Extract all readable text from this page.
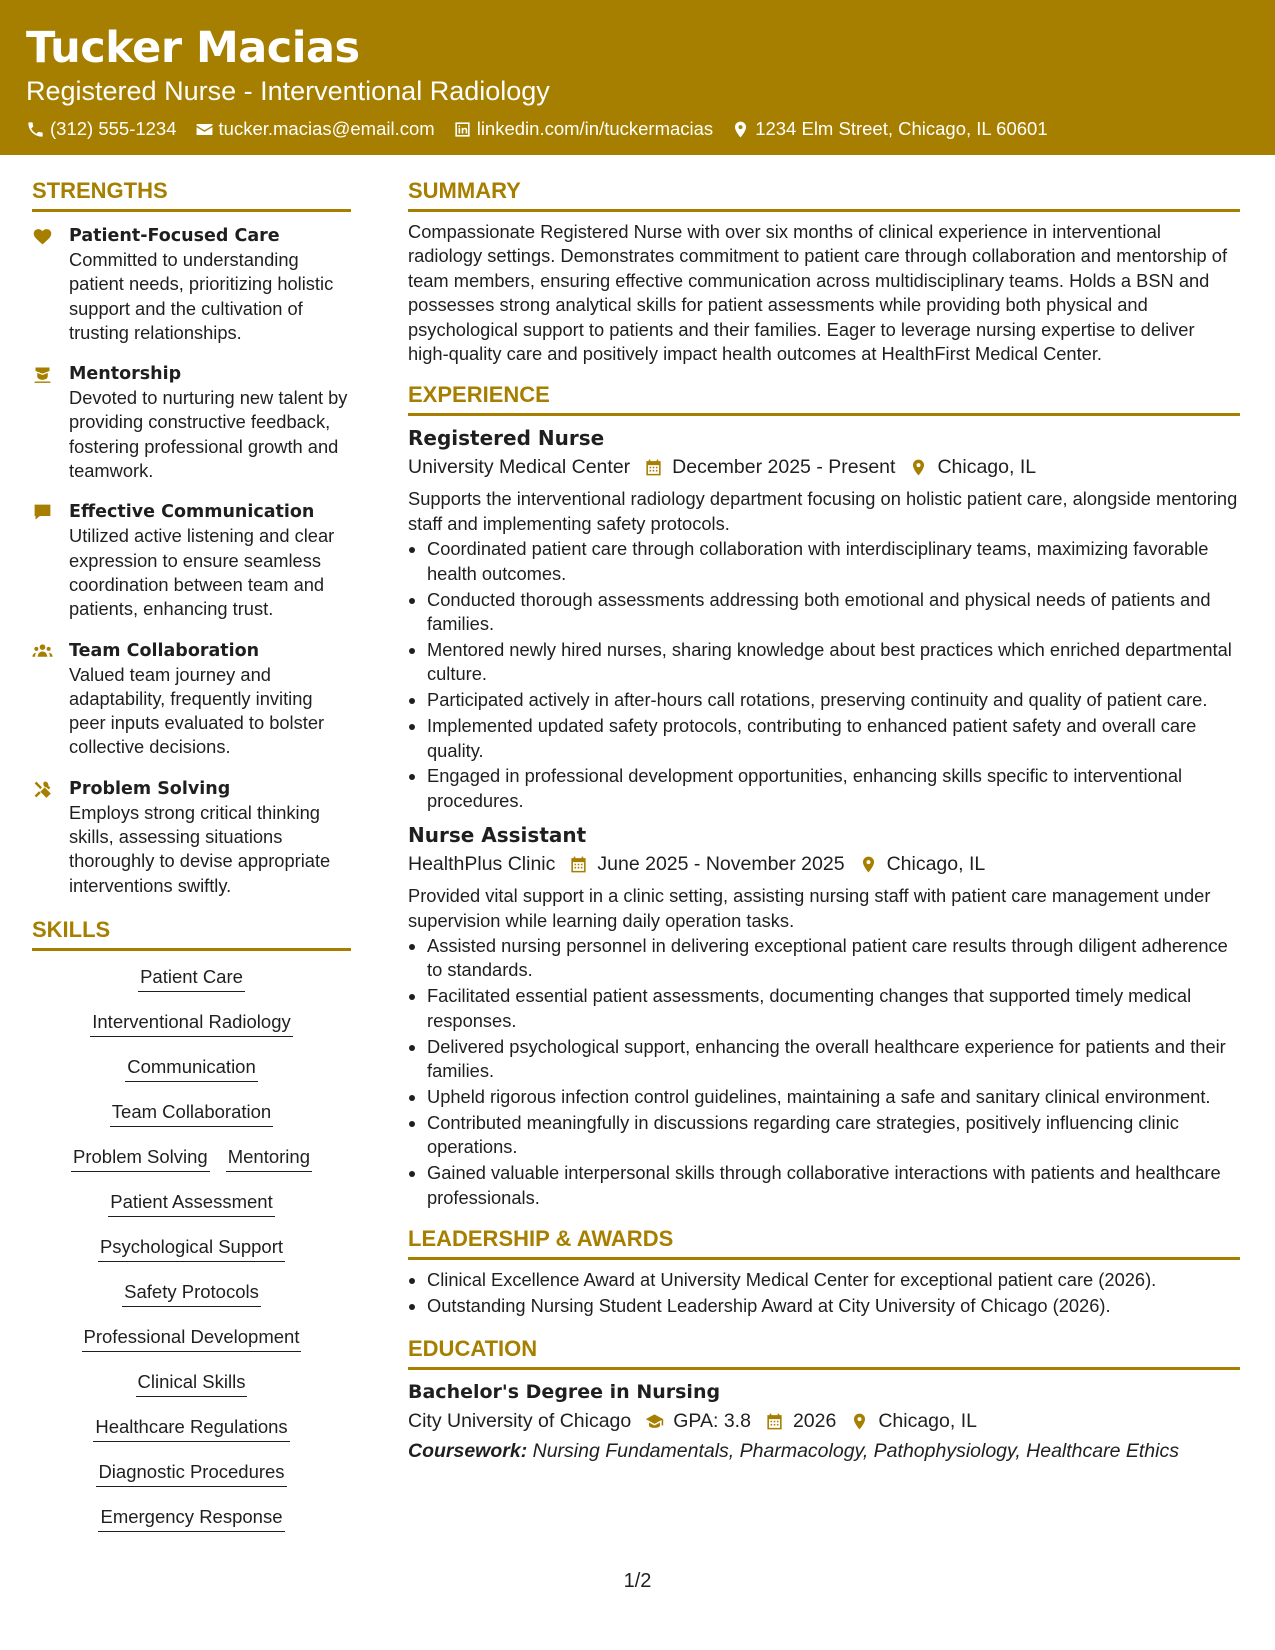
Tucker Macias
Registered Nurse - Interventional Radiology
(312) 555-1234 tucker.macias@email.com linkedin.com/in/tuckermacias 1234 Elm Street, Chicago, IL 60601
STRENGTHS
Patient-Focused Care
Committed to understanding patient needs, prioritizing holistic support and the cultivation of trusting relationships.
Mentorship
Devoted to nurturing new talent by providing constructive feedback, fostering professional growth and teamwork.
Effective Communication
Utilized active listening and clear expression to ensure seamless coordination between team and patients, enhancing trust.
Team Collaboration
Valued team journey and adaptability, frequently inviting peer inputs evaluated to bolster collective decisions.
Problem Solving
Employs strong critical thinking skills, assessing situations thoroughly to devise appropriate interventions swiftly.
SKILLS
Patient Care
Interventional Radiology
Communication
Team Collaboration
Problem Solving Mentoring
Patient Assessment
Psychological Support
Safety Protocols
Professional Development
Clinical Skills
Healthcare Regulations
Diagnostic Procedures
Emergency Response
SUMMARY
Compassionate Registered Nurse with over six months of clinical experience in interventional radiology settings. Demonstrates commitment to patient care through collaboration and mentorship of team members, ensuring effective communication across multidisciplinary teams. Holds a BSN and possesses strong analytical skills for patient assessments while providing both physical and psychological support to patients and their families. Eager to leverage nursing expertise to deliver high-quality care and positively impact health outcomes at HealthFirst Medical Center.
EXPERIENCE
Registered Nurse
University Medical Center December 2025 - Present Chicago, IL
Supports the interventional radiology department focusing on holistic patient care, alongside mentoring staff and implementing safety protocols.
• Coordinated patient care through collaboration with interdisciplinary teams, maximizing favorable health outcomes.
• Conducted thorough assessments addressing both emotional and physical needs of patients and families.
• Mentored newly hired nurses, sharing knowledge about best practices which enriched departmental culture.
• Participated actively in after-hours call rotations, preserving continuity and quality of patient care.
• Implemented updated safety protocols, contributing to enhanced patient safety and overall care quality.
• Engaged in professional development opportunities, enhancing skills specific to interventional procedures.
Nurse Assistant
HealthPlus Clinic June 2025 - November 2025 Chicago, IL
Provided vital support in a clinic setting, assisting nursing staff with patient care management under supervision while learning daily operation tasks.
• Assisted nursing personnel in delivering exceptional patient care results through diligent adherence to standards.
• Facilitated essential patient assessments, documenting changes that supported timely medical responses.
• Delivered psychological support, enhancing the overall healthcare experience for patients and their families.
• Upheld rigorous infection control guidelines, maintaining a safe and sanitary clinical environment.
• Contributed meaningfully in discussions regarding care strategies, positively influencing clinic operations.
• Gained valuable interpersonal skills through collaborative interactions with patients and healthcare professionals.
LEADERSHIP & AWARDS
• Clinical Excellence Award at University Medical Center for exceptional patient care (2026).
• Outstanding Nursing Student Leadership Award at City University of Chicago (2026).
EDUCATION
Bachelor's Degree in Nursing
City University of Chicago GPA: 3.8 2026 Chicago, IL
Coursework: Nursing Fundamentals, Pharmacology, Pathophysiology, Healthcare Ethics
1/2
